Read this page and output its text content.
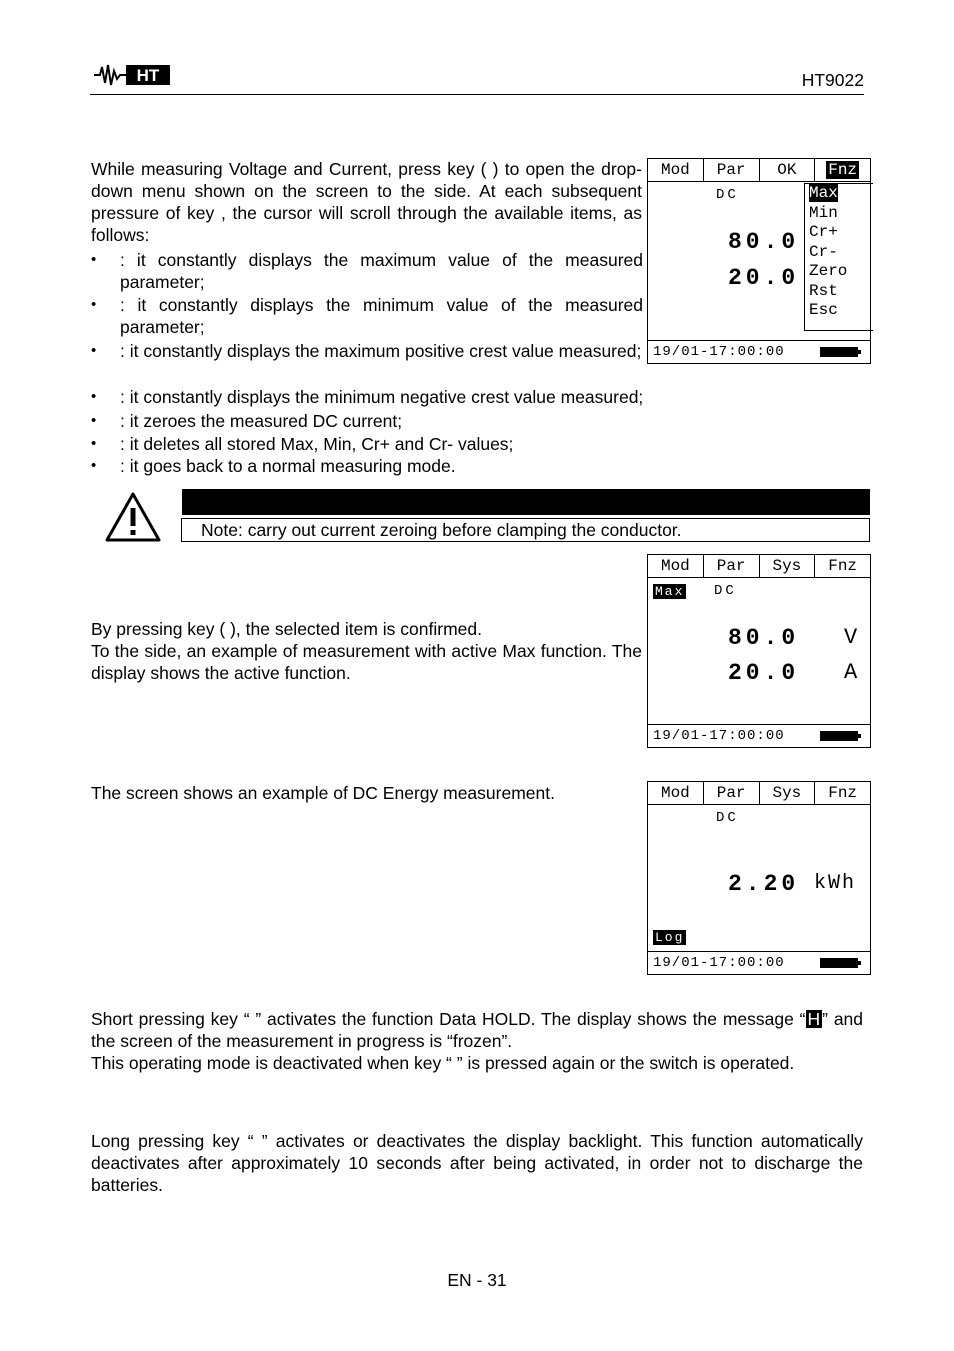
HT	HT9022

While measuring Voltage and Current, press key ( ) to open the drop-down menu shown on the screen to the side. At each subsequent pressure of key , the cursor will scroll through the available items, as follows:

•	: it constantly displays the maximum value of the measured parameter;
•	: it constantly displays the minimum value of the measured parameter;
•	: it constantly displays the maximum positive crest value measured;
•	: it constantly displays the minimum negative crest value measured;
•	: it zeroes the measured DC current;
•	: it deletes all stored Max, Min, Cr+ and Cr- values;
•	: it goes back to a normal measuring mode.
Mod	Par	OK	Fnz
DC
80.0
20.0
Max
Min
Cr+
Cr-
Zero
Rst
Esc
19/01-17:00:00
Note: carry out current zeroing before clamping the conductor.

By pressing key ( ), the selected item is confirmed.

To the side, an example of measurement with active Max function. The display shows the active function.

Mod	Par	Sys	Fnz
Max DC
80.0 V
20.0 A
19/01-17:00:00

The screen shows an example of DC Energy measurement.	Mod	Par	Sys	Fnz
DC
2.20 kWh
Log
19/01-17:00:00

Short pressing key “ ” activates the function Data HOLD. The display shows the message “ H ” and the screen of the measurement in progress is “frozen”.

This operating mode is deactivated when key “ ” is pressed again or the switch is operated.

Long pressing key “ ” activates or deactivates the display backlight. This function automatically deactivates after approximately 10 seconds after being activated, in order not to discharge the batteries.

EN - 31
